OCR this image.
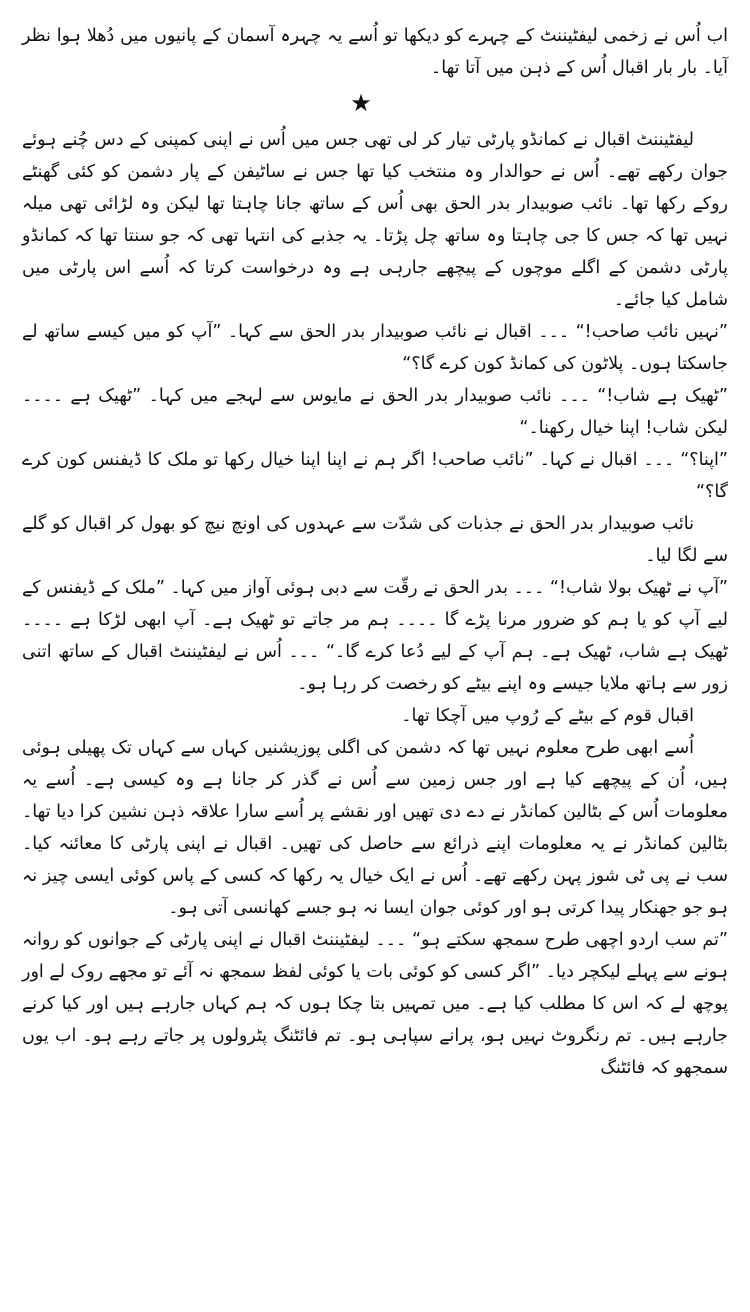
اب اُس نے زخمی لیفٹیننٹ کے چہرے کو دیکھا تو اُسے یہ چہرہ آسمان کے پانیوں میں دُھلا ہوا نظر آیا۔ بار بار اقبال اُس کے ذہن میں آتا تھا۔

★

لیفٹیننٹ اقبال نے کمانڈو پارٹی تیار کر لی تھی جس میں اُس نے اپنی کمپنی کے دس چُنے ہوئے جوان رکھے تھے۔ اُس نے حوالدار وہ منتخب کیا تھا جس نے ساٹیفن کے پار دشمن کو کئی گھنٹے روکے رکھا تھا۔ نائب صوبیدار بدر الحق بھی اُس کے ساتھ جانا چاہتا تھا لیکن وہ لڑائی تھی میلہ نہیں تھا کہ جس کا جی چاہتا وہ ساتھ چل پڑتا۔ یہ جذبے کی انتہا تھی کہ جو سنتا تھا کہ کمانڈو پارٹی دشمن کے اگلے موچوں کے پیچھے جارہی ہے وہ درخواست کرتا کہ اُسے اس پارٹی میں شامل کیا جائے۔

”نہیں نائب صاحب!“ ۔۔۔ اقبال نے نائب صوبیدار بدر الحق سے کہا۔ ”آپ کو میں کیسے ساتھ لے جاسکتا ہوں۔ پلاٹون کی کمانڈ کون کرے گا؟“

”ٹھیک ہے شاب!“ ۔۔۔ نائب صوبیدار بدر الحق نے مایوس سے لہجے میں کہا۔ ”ٹھیک ہے ۔۔۔۔ لیکن شاب! اپنا خیال رکھنا۔“

”اپنا؟“ ۔۔۔ اقبال نے کہا۔ ”نائب صاحب! اگر ہم نے اپنا اپنا خیال رکھا تو ملک کا ڈیفنس کون کرے گا؟“

نائب صوبیدار بدر الحق نے جذبات کی شدّت سے عہدوں کی اونچ نیچ کو بھول کر اقبال کو گلے سے لگا لیا۔

”آپ نے ٹھیک بولا شاب!“ ۔۔۔ بدر الحق نے رقّت سے دبی ہوئی آواز میں کہا۔ ”ملک کے ڈیفنس کے لیے آپ کو یا ہم کو ضرور مرنا پڑے گا ۔۔۔۔ ہم مر جاتے تو ٹھیک ہے۔ آپ ابھی لڑکا ہے ۔۔۔۔ ٹھیک ہے شاب، ٹھیک ہے۔ ہم آپ کے لیے دُعا کرے گا۔“ ۔۔۔ اُس نے لیفٹیننٹ اقبال کے ساتھ اتنی زور سے ہاتھ ملایا جیسے وہ اپنے بیٹے کو رخصت کر رہا ہو۔

اقبال قوم کے بیٹے کے رُوپ میں آچکا تھا۔

اُسے ابھی طرح معلوم نہیں تھا کہ دشمن کی اگلی پوزیشنیں کہاں سے کہاں تک پھیلی ہوئی ہیں، اُن کے پیچھے کیا ہے اور جس زمین سے اُس نے گذر کر جانا ہے وہ کیسی ہے۔ اُسے یہ معلومات اُس کے بٹالین کمانڈر نے دے دی تھیں اور نقشے پر اُسے سارا علاقہ ذہن نشین کرا دیا تھا۔ بٹالین کمانڈر نے یہ معلومات اپنے ذرائع سے حاصل کی تھیں۔ اقبال نے اپنی پارٹی کا معائنہ کیا۔ سب نے پی ٹی شوز پہن رکھے تھے۔ اُس نے ایک خیال یہ رکھا کہ کسی کے پاس کوئی ایسی چیز نہ ہو جو جھنکار پیدا کرتی ہو اور کوئی جوان ایسا نہ ہو جسے کھانسی آتی ہو۔

”تم سب اردو اچھی طرح سمجھ سکتے ہو“ ۔۔۔ لیفٹیننٹ اقبال نے اپنی پارٹی کے جوانوں کو روانہ ہونے سے پہلے لیکچر دیا۔ ”اگر کسی کو کوئی بات یا کوئی لفظ سمجھ نہ آئے تو مجھے روک لے اور پوچھ لے کہ اس کا مطلب کیا ہے۔ میں تمہیں بتا چکا ہوں کہ ہم کہاں جارہے ہیں اور کیا کرنے جارہے ہیں۔ تم رنگروٹ نہیں ہو، پرانے سپاہی ہو۔ تم فائٹنگ پٹرولوں پر جاتے رہے ہو۔ اب یوں سمجھو کہ فائٹنگ
